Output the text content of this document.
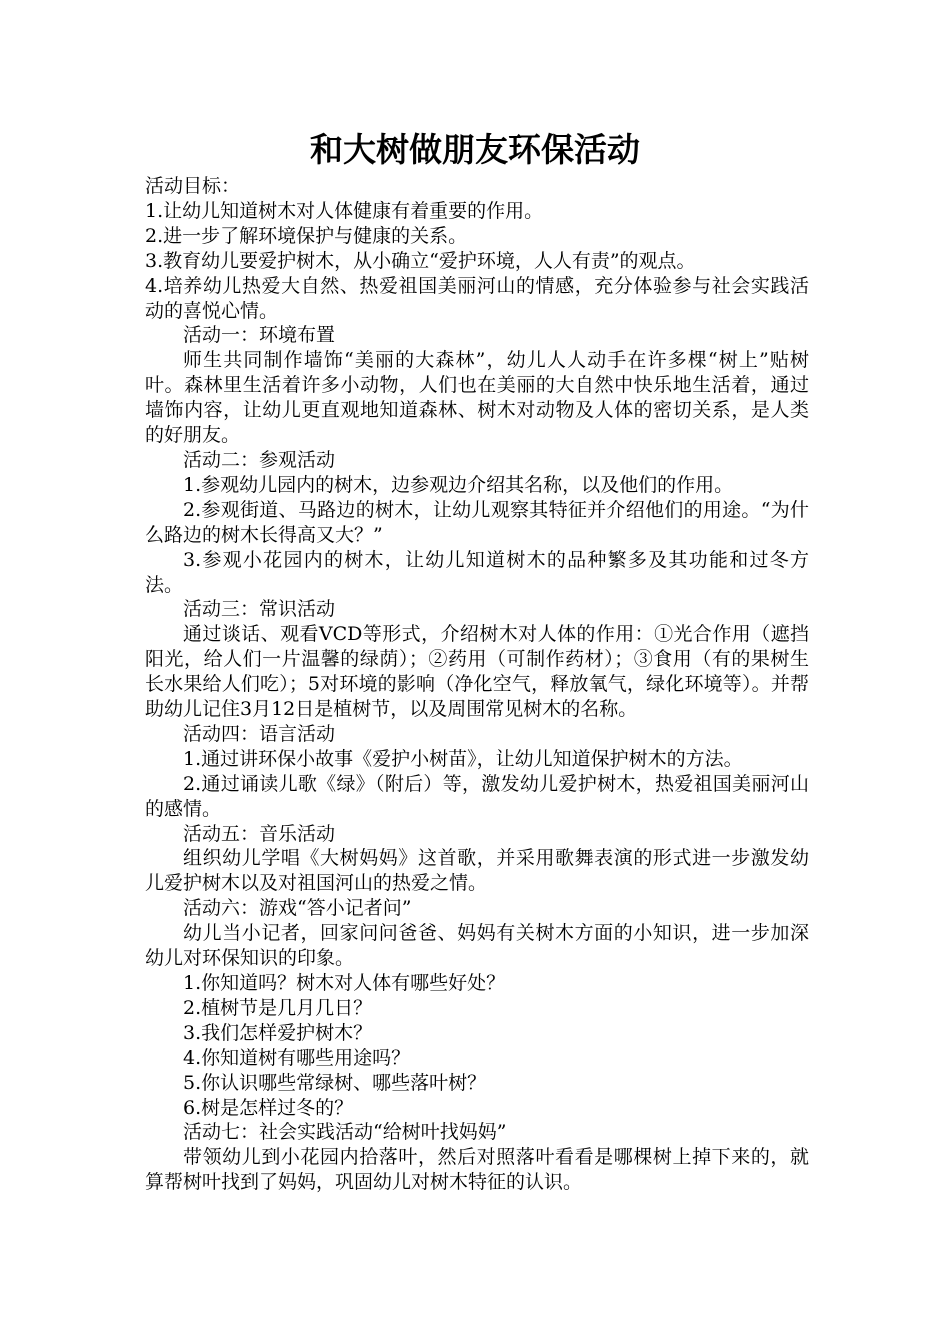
和大树做朋友环保活动

活动目标：

1.让幼儿知道树木对人体健康有着重要的作用。

2.进一步了解环境保护与健康的关系。

3.教育幼儿要爱护树木，从小确立“爱护环境，人人有责”的观点。

4.培养幼儿热爱大自然、热爱祖国美丽河山的情感，充分体验参与社会实践活动的喜悦心情。

活动一：环境布置

师生共同制作墙饰“美丽的大森林”，幼儿人人动手在许多棵“树上”贴树叶。森林里生活着许多小动物，人们也在美丽的大自然中快乐地生活着，通过墙饰内容，让幼儿更直观地知道森林、树木对动物及人体的密切关系，是人类的好朋友。

活动二：参观活动

1.参观幼儿园内的树木，边参观边介绍其名称，以及他们的作用。

2.参观街道、马路边的树木，让幼儿观察其特征并介绍他们的用途。“为什么路边的树木长得高又大？”

3.参观小花园内的树木，让幼儿知道树木的品种繁多及其功能和过冬方法。

活动三：常识活动

通过谈话、观看VCD等形式，介绍树木对人体的作用：①光合作用（遮挡阳光，给人们一片温馨的绿荫）；②药用（可制作药材）；③食用（有的果树生长水果给人们吃）；5对环境的影响（净化空气，释放氧气，绿化环境等）。并帮助幼儿记住3月12日是植树节，以及周围常见树木的名称。

活动四：语言活动

1.通过讲环保小故事《爱护小树苗》，让幼儿知道保护树木的方法。

2.通过诵读儿歌《绿》（附后）等，激发幼儿爱护树木，热爱祖国美丽河山的感情。

活动五：音乐活动

组织幼儿学唱《大树妈妈》这首歌，并采用歌舞表演的形式进一步激发幼儿爱护树木以及对祖国河山的热爱之情。

活动六：游戏“答小记者问”

幼儿当小记者，回家问问爸爸、妈妈有关树木方面的小知识，进一步加深幼儿对环保知识的印象。

1.你知道吗？树木对人体有哪些好处？

2.植树节是几月几日？

3.我们怎样爱护树木？

4.你知道树有哪些用途吗？

5.你认识哪些常绿树、哪些落叶树？

6.树是怎样过冬的？

活动七：社会实践活动“给树叶找妈妈”

带领幼儿到小花园内拾落叶，然后对照落叶看看是哪棵树上掉下来的，就算帮树叶找到了妈妈，巩固幼儿对树木特征的认识。
